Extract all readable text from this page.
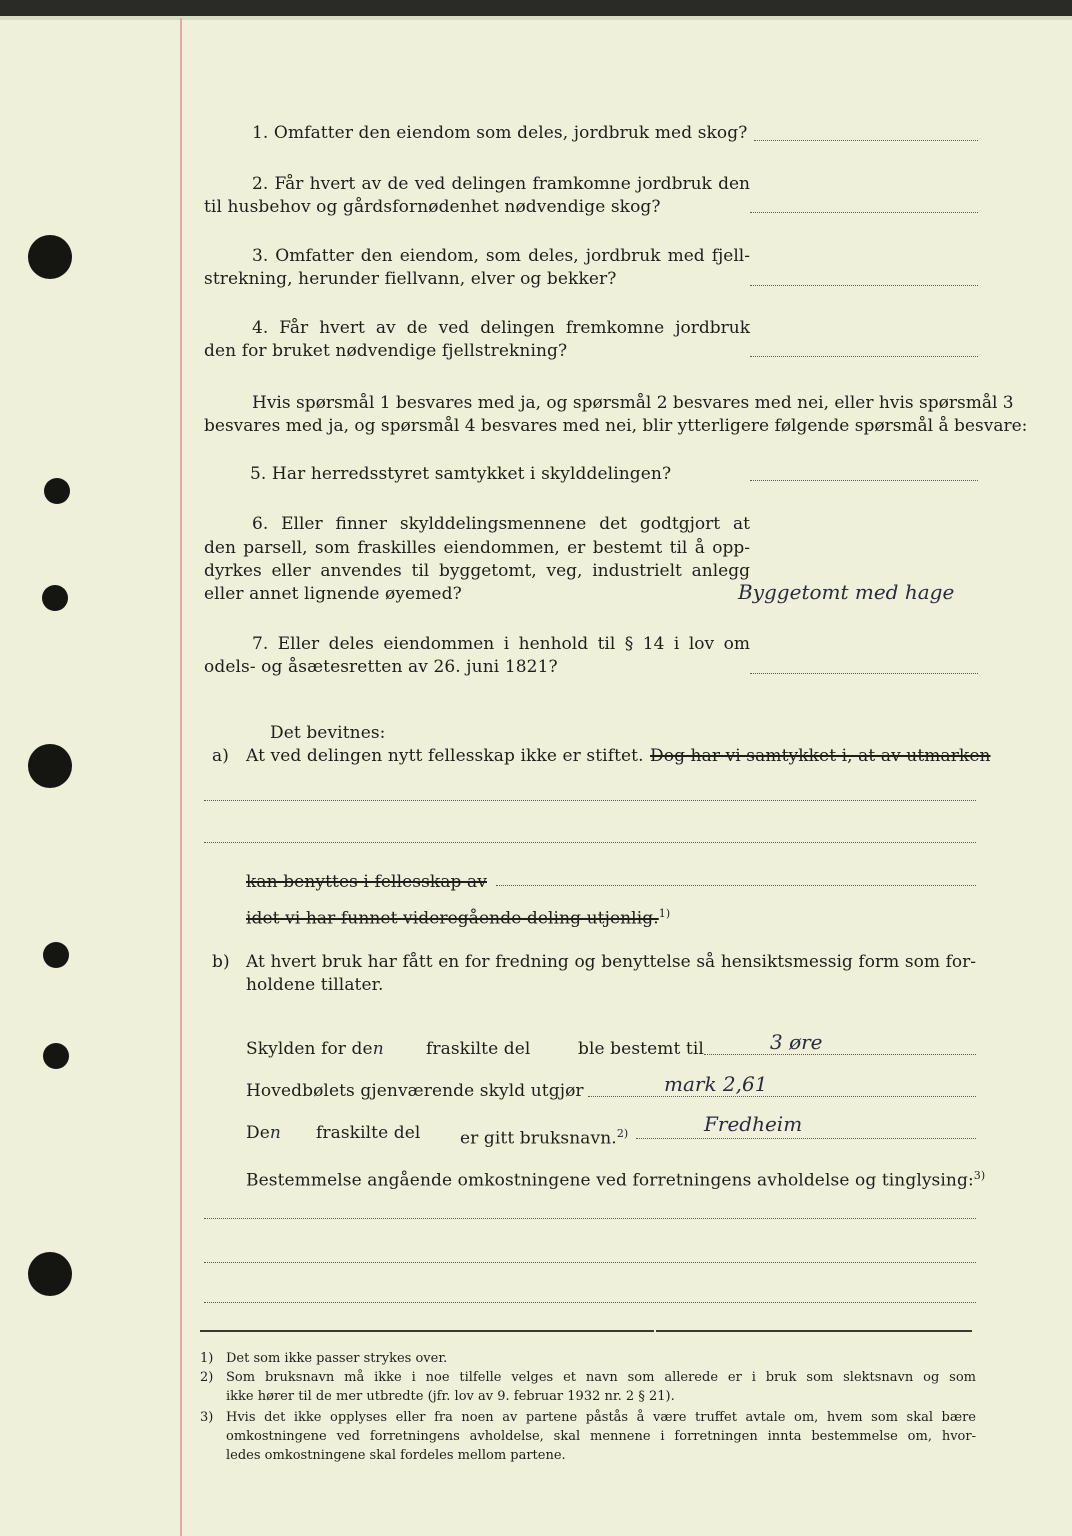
1. Omfatter den eiendom som deles, jordbruk med skog?
2. Får hvert av de ved delingen framkomne jordbruk den
til husbehov og gårdsfornødenhet nødvendige skog?
3. Omfatter den eiendom, som deles, jordbruk med fjell-
strekning, herunder fiellvann, elver og bekker?
4. Får hvert av de ved delingen fremkomne jordbruk
den for bruket nødvendige fjellstrekning?
Hvis spørsmål 1 besvares med ja, og spørsmål 2 besvares med nei, eller hvis spørsmål 3
besvares med ja, og spørsmål 4 besvares med nei, blir ytterligere følgende spørsmål å besvare:
5. Har herredsstyret samtykket i skylddelingen?
6. Eller finner skylddelingsmennene det godtgjort at
den parsell, som fraskilles eiendommen, er bestemt til å opp-
dyrkes eller anvendes til byggetomt, veg, industrielt anlegg
eller annet lignende øyemed?	Byggetomt med hage
7. Eller deles eiendommen i henhold til § 14 i lov om
odels- og åsætesretten av 26. juni 1821?
Det bevitnes:
a) At ved delingen nytt fellesskap ikke er stiftet. Dog har vi samtykket i, at av utmarken
kan benyttes i fellesskap av
idet vi har funnet videregående deling utjenlig.$^{1)}$
b) At hvert bruk har fått en for fredning og benyttelse så hensiktsmessig form som for-
holdene tillater.
Skylden for den fraskilte del	ble bestemt til	3 øre
Hovedbølets gjenværende skyld utgjør	mark 2,61
Den fraskilte del er gitt bruksnavn.$^{2)}$	Fredheim
Bestemmelse angående omkostningene ved forretningens avholdelse og tinglysing:$^{3)}$
1) Det som ikke passer strykes over.
2) Som bruksnavn må ikke i noe tilfelle velges et navn som allerede er i bruk som slektsnavn og som
ikke hører til de mer utbredte (jfr. lov av 9. februar 1932 nr. 2 § 21).
3) Hvis det ikke opplyses eller fra noen av partene påstås å være truffet avtale om, hvem som skal bære
omkostningene ved forretningens avholdelse, skal mennene i forretningen innta bestemmelse om, hvor-
ledes omkostningene skal fordeles mellom partene.
